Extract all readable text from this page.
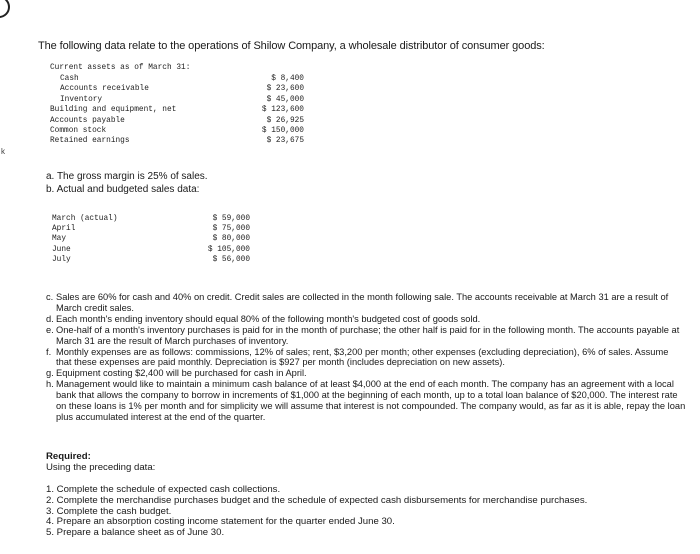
k
The following data relate to the operations of Shilow Company, a wholesale distributor of consumer goods:
Current assets as of March 31:
Cash
Accounts receivable
Inventory
Building and equipment, net
Accounts payable
Common stock
Retained earnings
$ 8,400
$ 23,600
$ 45,000
$ 123,600
$ 26,925
$ 150,000
$ 23,675
a. The gross margin is 25% of sales.
b. Actual and budgeted sales data:
March (actual)
April
May
June
July
$ 59,000
$ 75,000
$ 80,000
$ 105,000
$ 56,000
c. Sales are 60% for cash and 40% on credit. Credit sales are collected in the month following sale. The accounts receivable at March 31 are a result of March credit sales.
d. Each month's ending inventory should equal 80% of the following month's budgeted cost of goods sold.
e. One-half of a month's inventory purchases is paid for in the month of purchase; the other half is paid for in the following month. The accounts payable at March 31 are the result of March purchases of inventory.
f. Monthly expenses are as follows: commissions, 12% of sales; rent, $3,200 per month; other expenses (excluding depreciation), 6% of sales. Assume that these expenses are paid monthly. Depreciation is $927 per month (includes depreciation on new assets).
g. Equipment costing $2,400 will be purchased for cash in April.
h. Management would like to maintain a minimum cash balance of at least $4,000 at the end of each month. The company has an agreement with a local bank that allows the company to borrow in increments of $1,000 at the beginning of each month, up to a total loan balance of $20,000. The interest rate on these loans is 1% per month and for simplicity we will assume that interest is not compounded. The company would, as far as it is able, repay the loan plus accumulated interest at the end of the quarter.
Required:
Using the preceding data:
1. Complete the schedule of expected cash collections.
2. Complete the merchandise purchases budget and the schedule of expected cash disbursements for merchandise purchases.
3. Complete the cash budget.
4. Prepare an absorption costing income statement for the quarter ended June 30.
5. Prepare a balance sheet as of June 30.
